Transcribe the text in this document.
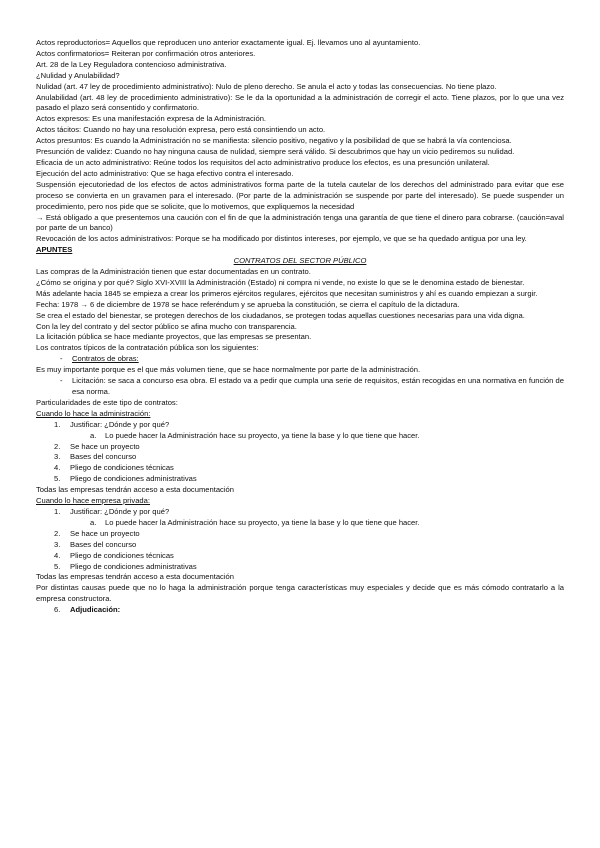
Actos reproductorios= Aquellos que reproducen uno anterior exactamente igual. Ej. llevamos uno al ayuntamiento.

Actos confirmatorios= Reiteran por confirmación otros anteriores.

Art. 28 de la Ley Reguladora contencioso administrativa.

¿Nulidad y Anulabilidad?

Nulidad (art. 47 ley de procedimiento administrativo): Nulo de pleno derecho. Se anula el acto y todas las consecuencias. No tiene plazo.

Anulabilidad (art. 48 ley de procedimiento administrativo): Se le da la oportunidad a la administración de corregir el acto. Tiene plazos, por lo que una vez pasado el plazo será consentido y confirmatorio.

Actos expresos: Es una manifestación expresa de la Administración.

Actos tácitos: Cuando no hay una resolución expresa, pero está consintiendo un acto.

Actos presuntos: Es cuando la Administración no se manifiesta: silencio positivo, negativo y la posibilidad de que se habrá la vía contenciosa.

Presunción de validez: Cuando no hay ninguna causa de nulidad, siempre será válido. Si descubrimos que hay un vicio pediremos su nulidad.

Eficacia de un acto administrativo: Reúne todos los requisitos del acto administrativo produce los efectos, es una presunción unilateral.

Ejecución del acto administrativo: Que se haga efectivo contra el interesado.

Suspensión ejecutoriedad de los efectos de actos administrativos forma parte de la tutela cautelar de los derechos del administrado para evitar que ese proceso se convierta en un gravamen para el interesado. (Por parte de la administración se suspende por parte del interesado). Se puede suspender un procedimiento, pero nos pide que se solicite, que lo motivemos, que expliquemos la necesidad

→ Está obligado a que presentemos una caución con el fin de que la administración tenga una garantía de que tiene el dinero para cobrarse. (caución=aval por parte de un banco)

Revocación de los actos administrativos: Porque se ha modificado por distintos intereses, por ejemplo, ve que se ha quedado antigua por una ley.

APUNTES

CONTRATOS DEL SECTOR PÚBLICO

Las compras de la Administración tienen que estar documentadas en un contrato.

¿Cómo se origina y por qué? Siglo XVI-XVIII la Administración (Estado) ni compra ni vende, no existe lo que se le denomina estado de bienestar.

Más adelante hacia 1845 se empieza a crear los primeros ejércitos regulares, ejércitos que necesitan suministros y ahí es cuando empiezan a surgir.

Fecha: 1978 → 6 de diciembre de 1978 se hace referéndum y se aprueba la constitución, se cierra el capítulo de la dictadura.

Se crea el estado del bienestar, se protegen derechos de los ciudadanos, se protegen todas aquellas cuestiones necesarias para una vida digna.

Con la ley del contrato y del sector público se afina mucho con transparencia.

La licitación pública se hace mediante proyectos, que las empresas se presentan.

Los contratos típicos de la contratación pública son los siguientes:

- Contratos de obras:

Es muy importante porque es el que más volumen tiene, que se hace normalmente por parte de la administración.

- Licitación: se saca a concurso esa obra. El estado va a pedir que cumpla una serie de requisitos, están recogidas en una normativa en función de esa norma.

Particularidades de este tipo de contratos:

Cuando lo hace la administración:

1. Justificar: ¿Dónde y por qué?

a. Lo puede hacer la Administración hace su proyecto, ya tiene la base y lo que tiene que hacer.

2. Se hace un proyecto

3. Bases del concurso

4. Pliego de condiciones técnicas

5. Pliego de condiciones administrativas

Todas las empresas tendrán acceso a esta documentación

Cuando lo hace empresa privada:

1. Justificar: ¿Dónde y por qué?

a. Lo puede hacer la Administración hace su proyecto, ya tiene la base y lo que tiene que hacer.

2. Se hace un proyecto

3. Bases del concurso

4. Pliego de condiciones técnicas

5. Pliego de condiciones administrativas

Todas las empresas tendrán acceso a esta documentación

Por distintas causas puede que no lo haga la administración porque tenga características muy especiales y decide que es más cómodo contratarlo a la empresa constructora.

6. Adjudicación:
